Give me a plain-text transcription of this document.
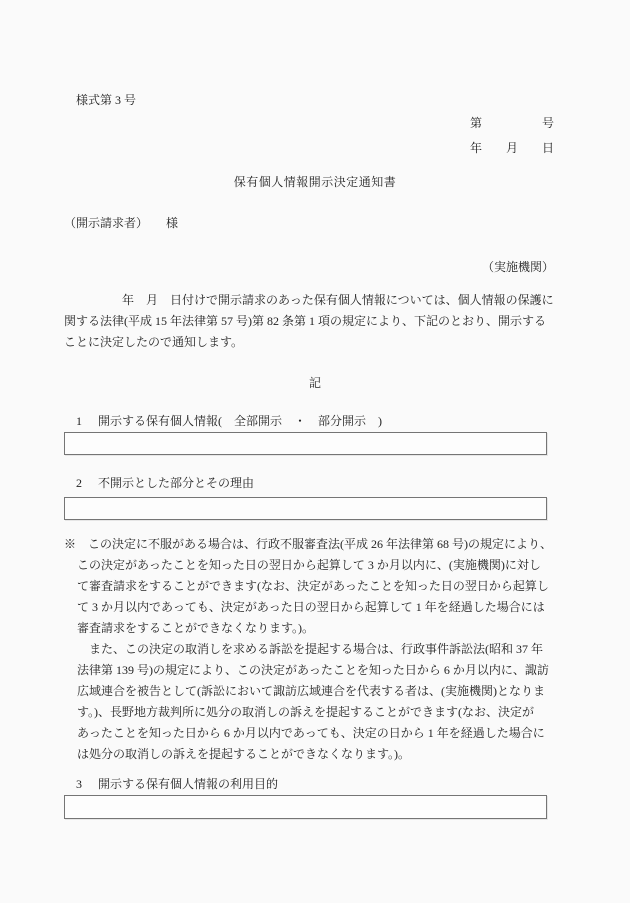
様式第 3 号
第　　　　　号
年　　月　　日
保有個人情報開示決定通知書
（開示請求者）　　様
（実施機関）
年　月　日付けで開示請求のあった保有個人情報については、個人情報の保護に
関する法律(平成 15 年法律第 57 号)第 82 条第 1 項の規定により、下記のとおり、開示する
ことに決定したので通知します。
記
1 開示する保有個人情報(　全部開示　・　部分開示　)
2 不開示とした部分とその理由
※　この決定に不服がある場合は、行政不服審査法(平成 26 年法律第 68 号)の規定により、
この決定があったことを知った日の翌日から起算して 3 か月以内に、(実施機関)に対し
て審査請求をすることができます(なお、決定があったことを知った日の翌日から起算し
て 3 か月以内であっても、決定があった日の翌日から起算して 1 年を経過した場合には
審査請求をすることができなくなります。)。
また、この決定の取消しを求める訴訟を提起する場合は、行政事件訴訟法(昭和 37 年
法律第 139 号)の規定により、この決定があったことを知った日から 6 か月以内に、諏訪
広域連合を被告として(訴訟において諏訪広域連合を代表する者は、(実施機関)となりま
す。)、長野地方裁判所に処分の取消しの訴えを提起することができます(なお、決定が
あったことを知った日から 6 か月以内であっても、決定の日から 1 年を経過した場合に
は処分の取消しの訴えを提起することができなくなります。)。
3 開示する保有個人情報の利用目的
